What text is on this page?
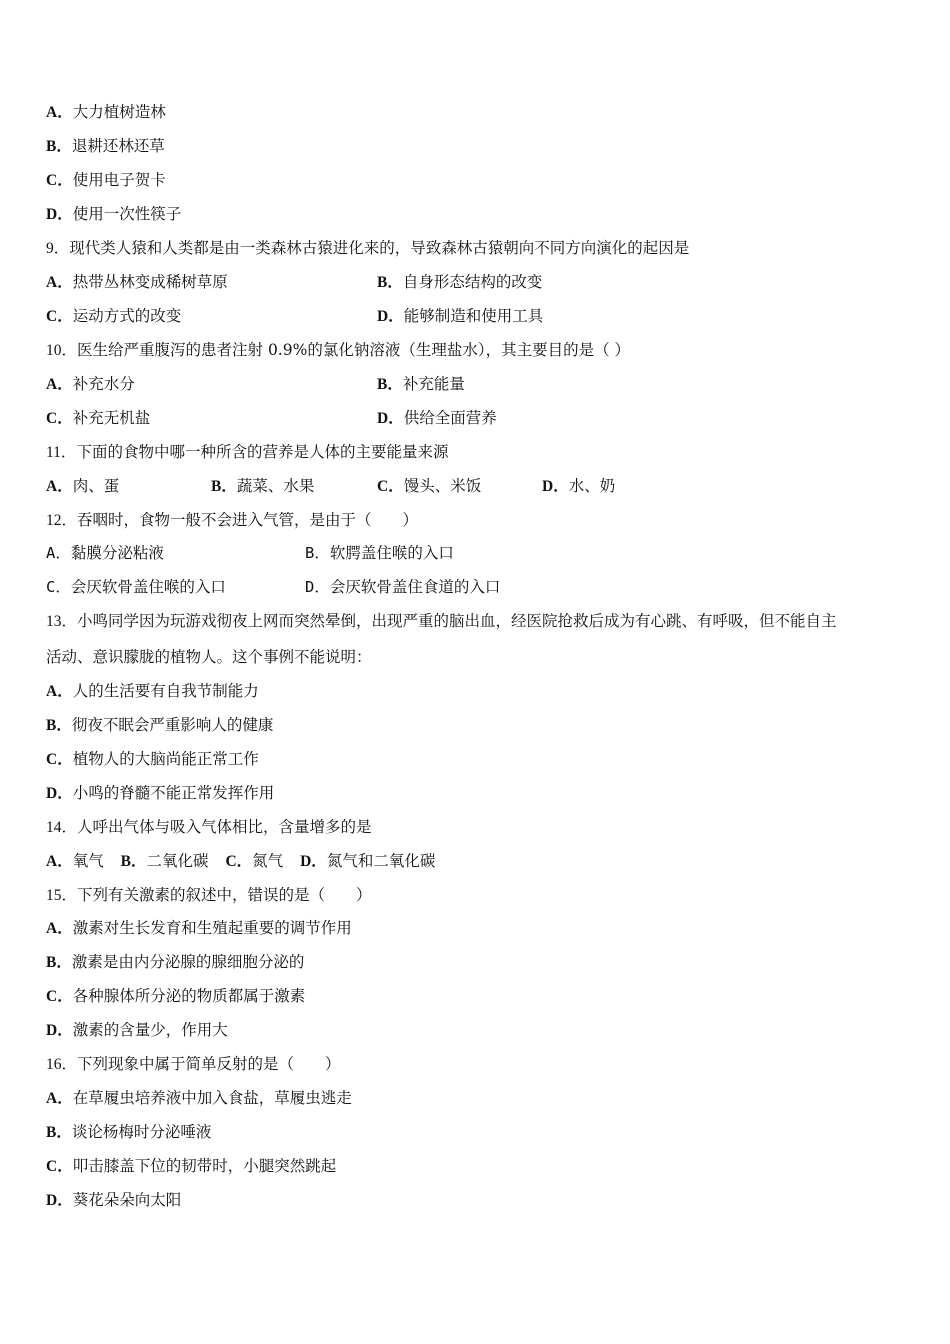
A．大力植树造林
B．退耕还林还草
C．使用电子贺卡
D．使用一次性筷子
9．现代类人猿和人类都是由一类森林古猿进化来的，导致森林古猿朝向不同方向演化的起因是
A．热带丛林变成稀树草原	B．自身形态结构的改变
C．运动方式的改变	D．能够制造和使用工具
10．医生给严重腹泻的患者注射 0.9%的氯化钠溶液（生理盐水），其主要目的是（ ）
A．补充水分	B．补充能量
C．补充无机盐	D．供给全面营养
11．下面的食物中哪一种所含的营养是人体的主要能量来源
A．肉、蛋	B．蔬菜、水果	C．馒头、米饭	D．水、奶
12．吞咽时，食物一般不会进入气管，是由于（　　）
A．黏膜分泌粘液	B．软腭盖住喉的入口
C．会厌软骨盖住喉的入口	D．会厌软骨盖住食道的入口
13．小鸣同学因为玩游戏彻夜上网而突然晕倒，出现严重的脑出血，经医院抢救后成为有心跳、有呼吸，但不能自主
活动、意识朦胧的植物人。这个事例不能说明：
A．人的生活要有自我节制能力
B．彻夜不眠会严重影响人的健康
C．植物人的大脑尚能正常工作
D．小鸣的脊髓不能正常发挥作用
14．人呼出气体与吸入气体相比，含量增多的是
A．氧气 B．二氧化碳 C．氮气 D．氮气和二氧化碳
15．下列有关激素的叙述中，错误的是（　　）
A．激素对生长发育和生殖起重要的调节作用
B．激素是由内分泌腺的腺细胞分泌的
C．各种腺体所分泌的物质都属于激素
D．激素的含量少，作用大
16．下列现象中属于简单反射的是（　　）
A．在草履虫培养液中加入食盐，草履虫逃走
B．谈论杨梅时分泌唾液
C．叩击膝盖下位的韧带时，小腿突然跳起
D．葵花朵朵向太阳
